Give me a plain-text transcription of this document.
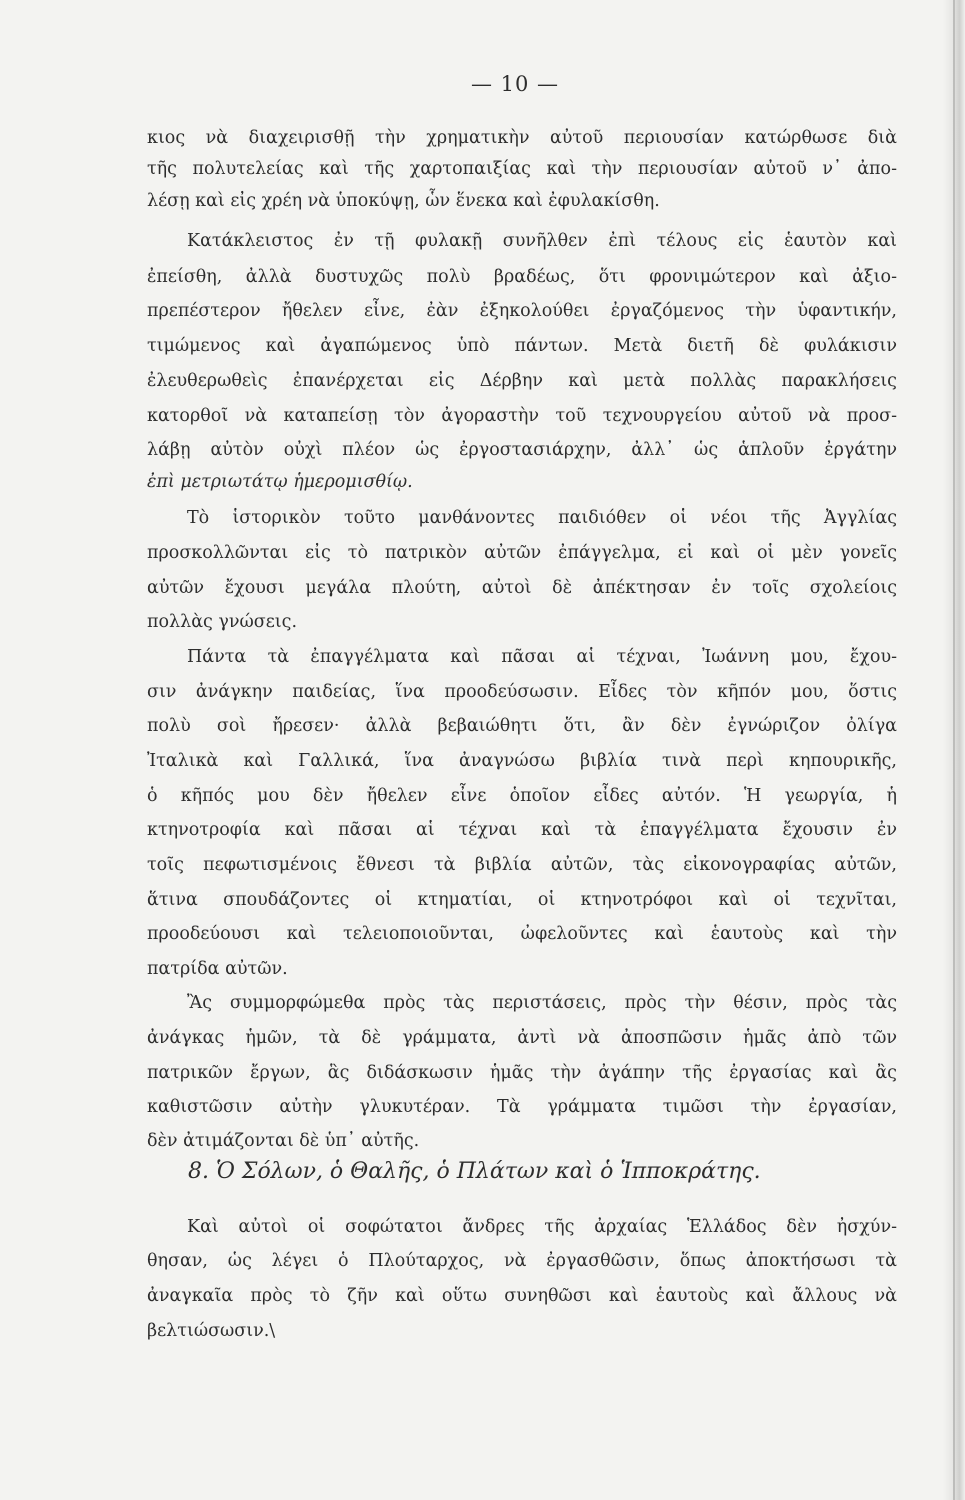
— 10 —
κιος νὰ διαχειρισθῇ τὴν χρηματικὴν αὐτοῦ περιουσίαν κατώρθωσε διὰ
τῆς πολυτελείας καὶ τῆς χαρτοπαιξίας καὶ τὴν περιουσίαν αὐτοῦ ν᾿ ἀπο-
λέσῃ καὶ εἰς χρέη νὰ ὑποκύψῃ, ὧν ἕνεκα καὶ ἐφυλακίσθη.
Κατάκλειστος ἐν τῇ φυλακῇ συνῆλθεν ἐπὶ τέλους εἰς ἑαυτὸν καὶ
ἐπείσθη, ἀλλὰ δυστυχῶς πολὺ βραδέως, ὅτι φρονιμώτερον καὶ ἀξιο-
πρεπέστερον ἤθελεν εἶνε, ἐὰν ἐξηκολούθει ἐργαζόμενος τὴν ὑφαντικήν,
τιμώμενος καὶ ἀγαπώμενος ὑπὸ πάντων. Μετὰ διετῆ δὲ φυλάκισιν
ἐλευθερωθεὶς ἐπανέρχεται εἰς Δέρβην καὶ μετὰ πολλὰς παρακλήσεις
κατορθοῖ νὰ καταπείσῃ τὸν ἀγοραστὴν τοῦ τεχνουργείου αὐτοῦ νὰ προσ-
λάβῃ αὐτὸν οὐχὶ πλέον ὡς ἐργοστασιάρχην, ἀλλ᾿ ὡς ἁπλοῦν ἐργάτην
ἐπὶ μετριωτάτῳ ἡμερομισθίῳ.
Τὸ ἱστορικὸν τοῦτο μανθάνοντες παιδιόθεν οἱ νέοι τῆς Ἀγγλίας
προσκολλῶνται εἰς τὸ πατρικὸν αὐτῶν ἐπάγγελμα, εἰ καὶ οἱ μὲν γονεῖς
αὐτῶν ἔχουσι μεγάλα πλούτη, αὐτοὶ δὲ ἀπέκτησαν ἐν τοῖς σχολείοις
πολλὰς γνώσεις.
Πάντα τὰ ἐπαγγέλματα καὶ πᾶσαι αἱ τέχναι, Ἰωάννη μου, ἔχου-
σιν ἀνάγκην παιδείας, ἵνα προοδεύσωσιν. Εἶδες τὸν κῆπόν μου, ὅστις
πολὺ σοὶ ἤρεσεν· ἀλλὰ βεβαιώθητι ὅτι, ἂν δὲν ἐγνώριζον ὀλίγα
Ἰταλικὰ καὶ Γαλλικά, ἵνα ἀναγνώσω βιβλία τινὰ περὶ κηπουρικῆς,
ὁ κῆπός μου δὲν ἤθελεν εἶνε ὁποῖον εἶδες αὐτόν. Ἡ γεωργία, ἡ
κτηνοτροφία καὶ πᾶσαι αἱ τέχναι καὶ τὰ ἐπαγγέλματα ἔχουσιν ἐν
τοῖς πεφωτισμένοις ἔθνεσι τὰ βιβλία αὐτῶν, τὰς εἰκονογραφίας αὐτῶν,
ἅτινα σπουδάζοντες οἱ κτηματίαι, οἱ κτηνοτρόφοι καὶ οἱ τεχνῖται,
προοδεύουσι καὶ τελειοποιοῦνται, ὠφελοῦντες καὶ ἑαυτοὺς καὶ τὴν
πατρίδα αὐτῶν.
Ἂς συμμορφώμεθα πρὸς τὰς περιστάσεις, πρὸς τὴν θέσιν, πρὸς τὰς
ἀνάγκας ἡμῶν, τὰ δὲ γράμματα, ἀντὶ νὰ ἀποσπῶσιν ἡμᾶς ἀπὸ τῶν
πατρικῶν ἔργων, ἃς διδάσκωσιν ἡμᾶς τὴν ἀγάπην τῆς ἐργασίας καὶ ἂς
καθιστῶσιν αὐτὴν γλυκυτέραν. Τὰ γράμματα τιμῶσι τὴν ἐργασίαν,
δὲν ἀτιμάζονται δὲ ὑπ᾿ αὐτῆς.
Καὶ αὐτοὶ οἱ σοφώτατοι ἄνδρες τῆς ἀρχαίας Ἑλλάδος δὲν ἠσχύν-
θησαν, ὡς λέγει ὁ Πλούταρχος, νὰ ἐργασθῶσιν, ὅπως ἀποκτήσωσι τὰ
ἀναγκαῖα πρὸς τὸ ζῆν καὶ οὕτω συνηθῶσι καὶ ἑαυτοὺς καὶ ἄλλους νὰ
βελτιώσωσιν.\
8. Ὁ Σόλων, ὁ Θαλῆς, ὁ Πλάτων καὶ ὁ Ἱπποκράτης.
